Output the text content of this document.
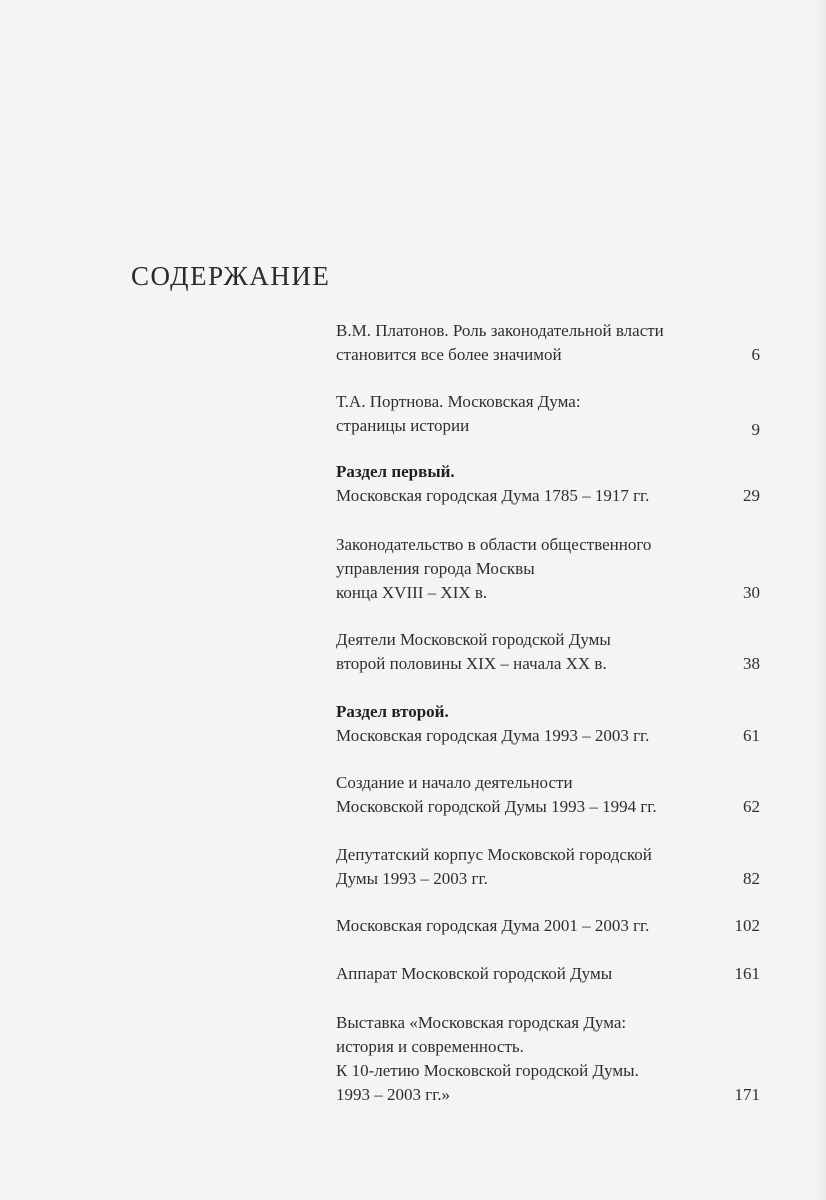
СОДЕРЖАНИЕ
В.М. Платонов. Роль законодательной власти
становится все более значимой	6
Т.А. Портнова. Московская Дума:
страницы истории	9
Раздел первый.
Московская городская Дума 1785 – 1917 гг.	29
Законодательство в области общественного
управления города Москвы
конца XVIII – XIX в.	30
Деятели Московской городской Думы
второй половины XIX – начала XX в.	38
Раздел второй.
Московская городская Дума 1993 – 2003 гг.	61
Создание и начало деятельности
Московской городской Думы 1993 – 1994 гг.	62
Депутатский корпус Московской городской
Думы 1993 – 2003 гг.	82
Московская городская Дума 2001 – 2003 гг.	102
Аппарат Московской городской Думы	161
Выставка «Московская городская Дума:
история и современность.
К 10-летию Московской городской Думы.
1993 – 2003 гг.»	171
